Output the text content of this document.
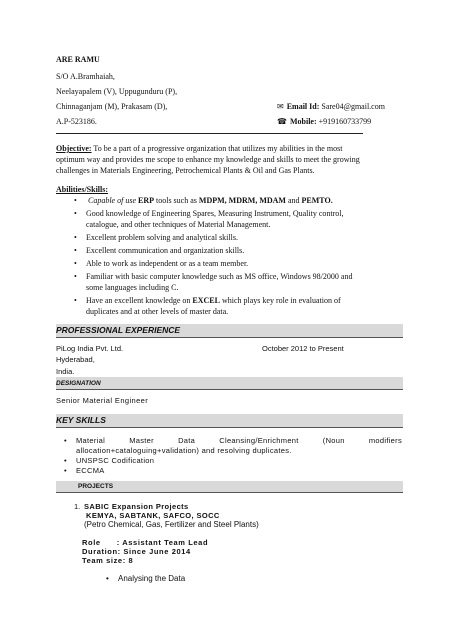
ARE RAMU
S/O A.Bramhaiah,
Neelayapalem (V), Uppugunduru (P),
Chinnaganjam (M), Prakasam (D),
A.P-523186.
✉ Email Id: Sare04@gmail.com
☎ Mobile: +919160733799
Objective: To be a part of a progressive organization that utilizes my abilities in the most
optimum way and provides me scope to enhance my knowledge and skills to meet the growing
challenges in Materials Engineering, Petrochemical Plants & Oil and Gas Plants.
Abilities/Skills:
• Capable of use ERP tools such as MDPM, MDRM, MDAM and PEMTO.
• Good knowledge of Engineering Spares, Measuring Instrument, Quality control,
catalogue, and other techniques of Material Management.
• Excellent problem solving and analytical skills.
• Excellent communication and organization skills.
• Able to work as independent or as a team member.
• Familiar with basic computer knowledge such as MS office, Windows 98/2000 and
some languages including C.
• Have an excellent knowledge on EXCEL which plays key role in evaluation of
duplicates and at other levels of master data.
PROFESSIONAL EXPERIENCE
PiLog India Pvt. Ltd.
Hyderabad,
India.
October 2012 to Present
DESIGNATION
Senior Material Engineer
KEY SKILLS
• Material Master Data Cleansing/Enrichment (Noun modifiers
allocation+cataloguing+validation) and resolving duplicates.
• UNSPSC Codification
• ECCMA
PROJECTS
1. SABIC Expansion Projects
KEMYA, SABTANK, SAFCO, SOCC
(Petro Chemical, Gas, Fertilizer and Steel Plants)
Role      : Assistant Team Lead
Duration: Since June 2014
Team size: 8
• Analysing the Data
